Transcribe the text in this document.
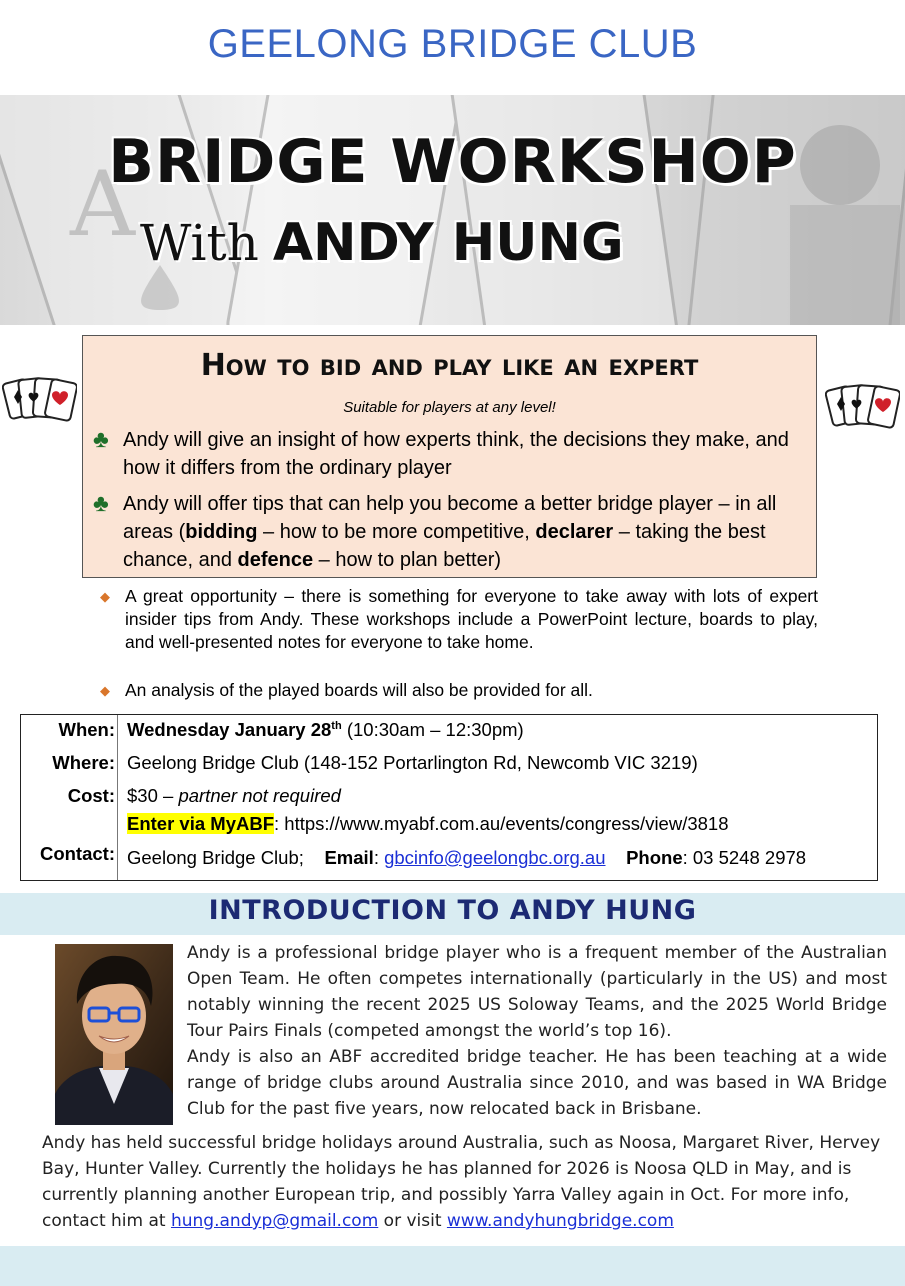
GEELONG BRIDGE CLUB
A
BRIDGE WORKSHOP
With ANDY HUNG
How to bid and play like an expert
Suitable for players at any level!
♣ Andy will give an insight of how experts think, the decisions they make, and how it differs from the ordinary player
♣ Andy will offer tips that can help you become a better bridge player – in all areas (bidding – how to be more competitive, declarer – taking the best chance, and defence – how to plan better)
◆ A great opportunity – there is something for everyone to take away with lots of expert insider tips from Andy. These workshops include a PowerPoint lecture, boards to play, and well-presented notes for everyone to take home.
◆ An analysis of the played boards will also be provided for all.
When: Wednesday January 28th (10:30am – 12:30pm)
Where: Geelong Bridge Club (148-152 Portarlington Rd, Newcomb VIC 3219)
Cost: $30 – partner not required
Enter via MyABF: https://www.myabf.com.au/events/congress/view/3818
Contact: Geelong Bridge Club; Email: gbcinfo@geelongbc.org.au Phone: 03 5248 2978
INTRODUCTION TO ANDY HUNG

Andy is a professional bridge player who is a frequent member of the Australian Open Team. He often competes internationally (particularly in the US) and most notably winning the recent 2025 US Soloway Teams, and the 2025 World Bridge Tour Pairs Finals (competed amongst the world’s top 16).

Andy is also an ABF accredited bridge teacher. He has been teaching at a wide range of bridge clubs around Australia since 2010, and was based in WA Bridge Club for the past five years, now relocated back in Brisbane.

Andy has held successful bridge holidays around Australia, such as Noosa, Margaret River, Hervey Bay, Hunter Valley. Currently the holidays he has planned for 2026 is Noosa QLD in May, and is currently planning another European trip, and possibly Yarra Valley again in Oct. For more info, contact him at hung.andyp@gmail.com or visit www.andyhungbridge.com
